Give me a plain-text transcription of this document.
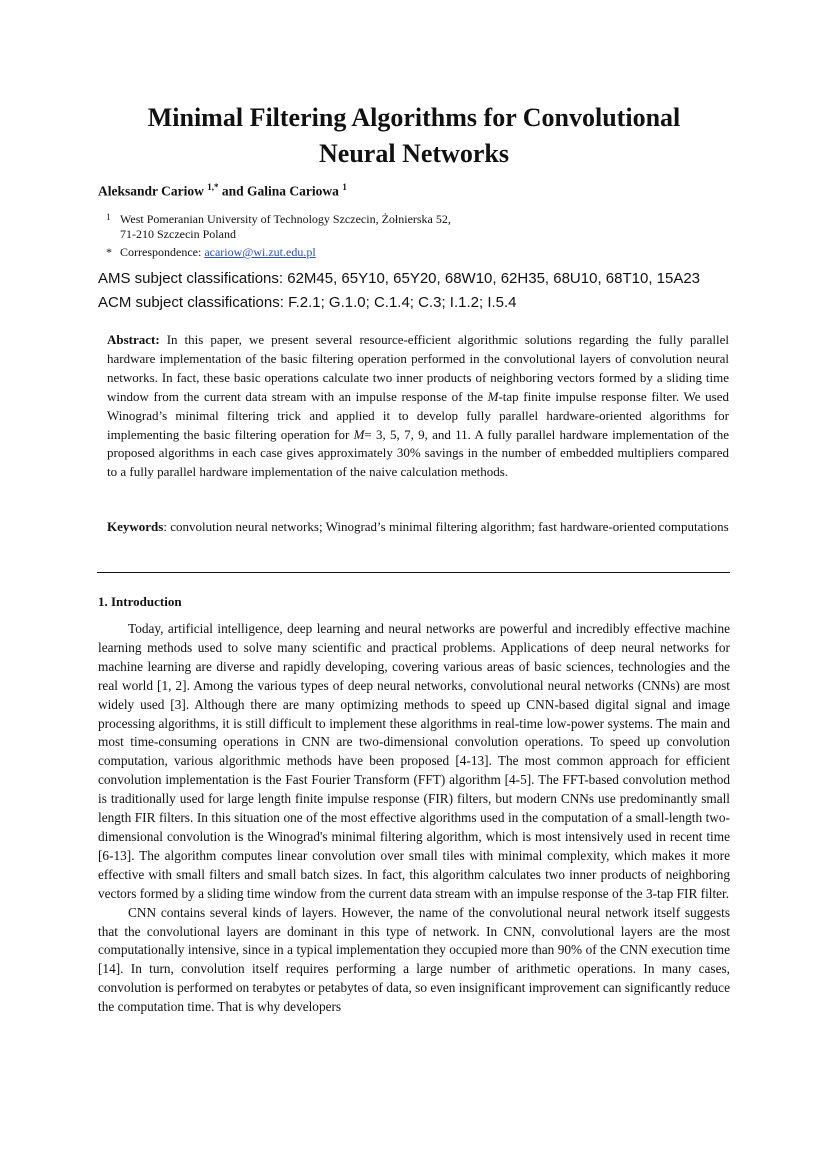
Minimal Filtering Algorithms for Convolutional
Neural Networks
Aleksandr Cariow $^{1,*}$ and Galina Cariowa $^1$
1 West Pomeranian University of Technology Szczecin, Żołnierska 52,
71-210 Szczecin Poland
* Correspondence: acariow@wi.zut.edu.pl
AMS subject classifications: 62M45, 65Y10, 65Y20, 68W10, 62H35, 68U10, 68T10, 15A23
ACM subject classifications: F.2.1; G.1.0; C.1.4; C.3; I.1.2; I.5.4
Abstract: In this paper, we present several resource-efficient algorithmic solutions regarding the fully parallel hardware implementation of the basic filtering operation performed in the convolutional layers of convolution neural networks. In fact, these basic operations calculate two inner products of neighboring vectors formed by a sliding time window from the current data stream with an impulse response of the M-tap finite impulse response filter. We used Winograd’s minimal filtering trick and applied it to develop fully parallel hardware-oriented algorithms for implementing the basic filtering operation for M= 3, 5, 7, 9, and 11. A fully parallel hardware implementation of the proposed algorithms in each case gives approximately 30% savings in the number of embedded multipliers compared to a fully parallel hardware implementation of the naive calculation methods.
Keywords: convolution neural networks; Winograd’s minimal filtering algorithm; fast hardware-oriented computations
1. Introduction

Today, artificial intelligence, deep learning and neural networks are powerful and incredibly effective machine learning methods used to solve many scientific and practical problems. Applications of deep neural networks for machine learning are diverse and rapidly developing, covering various areas of basic sciences, technologies and the real world [1, 2]. Among the various types of deep neural networks, convolutional neural networks (CNNs) are most widely used [3]. Although there are many optimizing methods to speed up CNN-based digital signal and image processing algorithms, it is still difficult to implement these algorithms in real-time low-power systems. The main and most time-consuming operations in CNN are two-dimensional convolution operations. To speed up convolution computation, various algorithmic methods have been proposed [4-13]. The most common approach for efficient convolution implementation is the Fast Fourier Transform (FFT) algorithm [4-5]. The FFT-based convolution method is traditionally used for large length finite impulse response (FIR) filters, but modern CNNs use predominantly small length FIR filters. In this situation one of the most effective algorithms used in the computation of a small-length two-dimensional convolution is the Winograd's minimal filtering algorithm, which is most intensively used in recent time [6-13]. The algorithm computes linear convolution over small tiles with minimal complexity, which makes it more effective with small filters and small batch sizes. In fact, this algorithm calculates two inner products of neighboring vectors formed by a sliding time window from the current data stream with an impulse response of the 3-tap FIR filter.

CNN contains several kinds of layers. However, the name of the convolutional neural network itself suggests that the convolutional layers are dominant in this type of network. In CNN, convolutional layers are the most computationally intensive, since in a typical implementation they occupied more than 90% of the CNN execution time [14]. In turn, convolution itself requires performing a large number of arithmetic operations. In many cases, convolution is performed on terabytes or petabytes of data, so even insignificant improvement can significantly reduce the computation time. That is why developers
